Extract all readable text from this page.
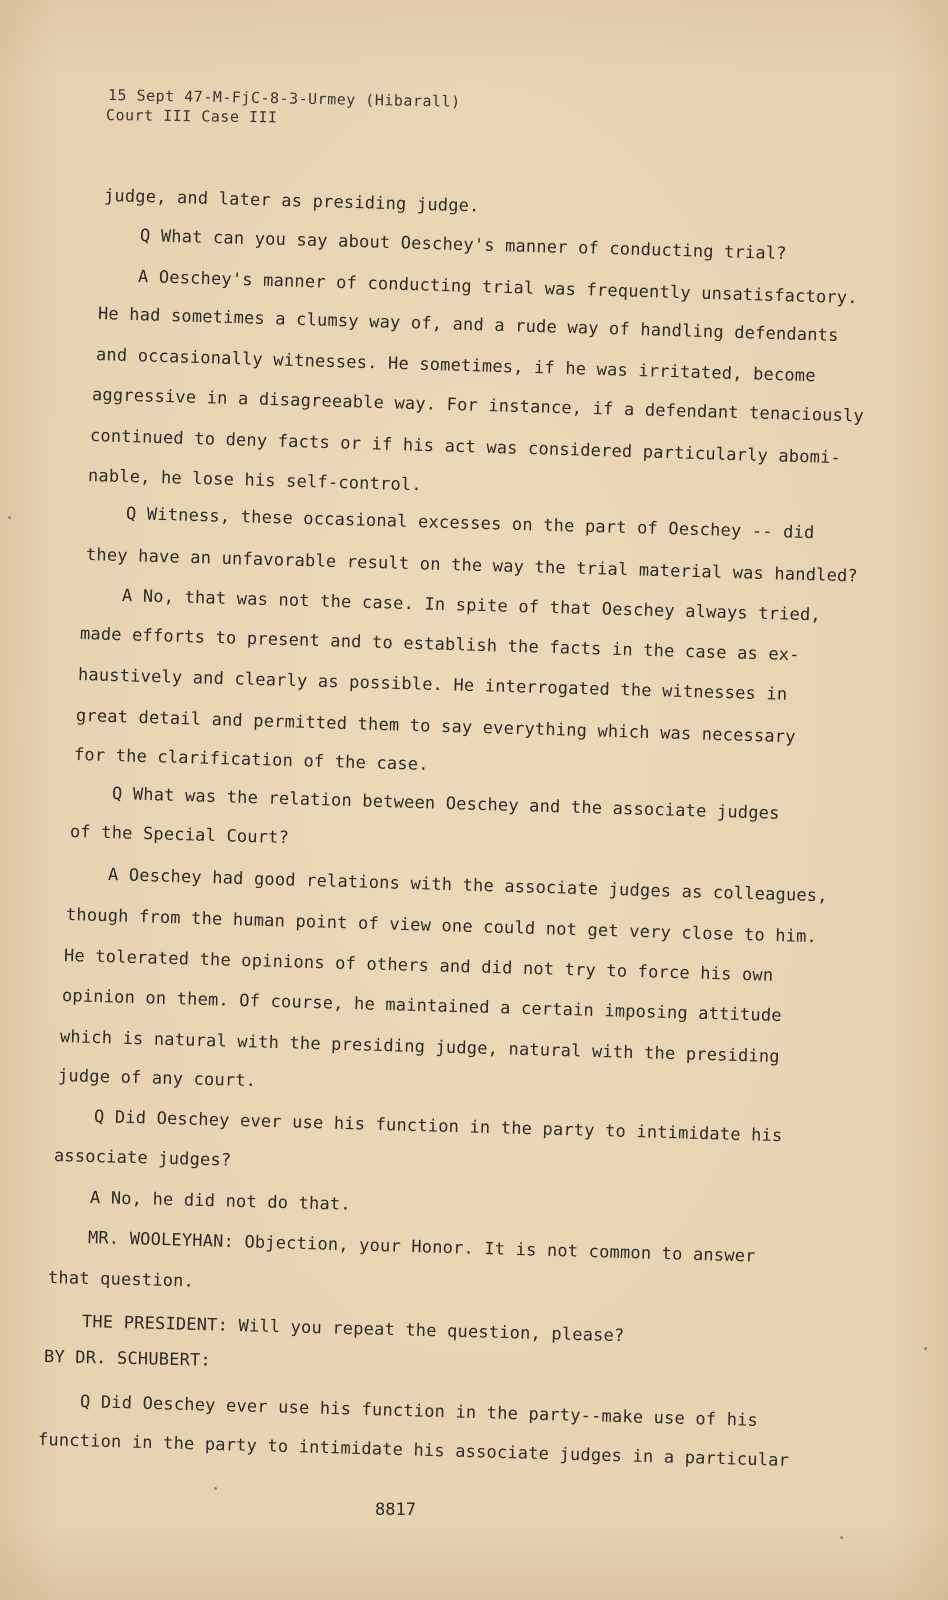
15 Sept 47-M-FjC-8-3-Urmey (Hibarall)
Court III Case III
judge, and later as presiding judge.
Q What can you say about Oeschey's manner of conducting trial?
A Oeschey's manner of conducting trial was frequently unsatisfactory.
He had sometimes a clumsy way of, and a rude way of handling defendants
and occasionally witnesses. He sometimes, if he was irritated, become
aggressive in a disagreeable way. For instance, if a defendant tenaciously
continued to deny facts or if his act was considered particularly abomi-
nable, he lose his self-control.
Q Witness, these occasional excesses on the part of Oeschey -- did
they have an unfavorable result on the way the trial material was handled?
A No, that was not the case. In spite of that Oeschey always tried,
made efforts to present and to establish the facts in the case as ex-
haustively and clearly as possible. He interrogated the witnesses in
great detail and permitted them to say everything which was necessary
for the clarification of the case.
Q What was the relation between Oeschey and the associate judges
of the Special Court?
A Oeschey had good relations with the associate judges as colleagues,
though from the human point of view one could not get very close to him.
He tolerated the opinions of others and did not try to force his own
opinion on them. Of course, he maintained a certain imposing attitude
which is natural with the presiding judge, natural with the presiding
judge of any court.
Q Did Oeschey ever use his function in the party to intimidate his
associate judges?
A No, he did not do that.
MR. WOOLEYHAN: Objection, your Honor. It is not common to answer
that question.
THE PRESIDENT: Will you repeat the question, please?
BY DR. SCHUBERT:
Q Did Oeschey ever use his function in the party--make use of his
function in the party to intimidate his associate judges in a particular
8817
